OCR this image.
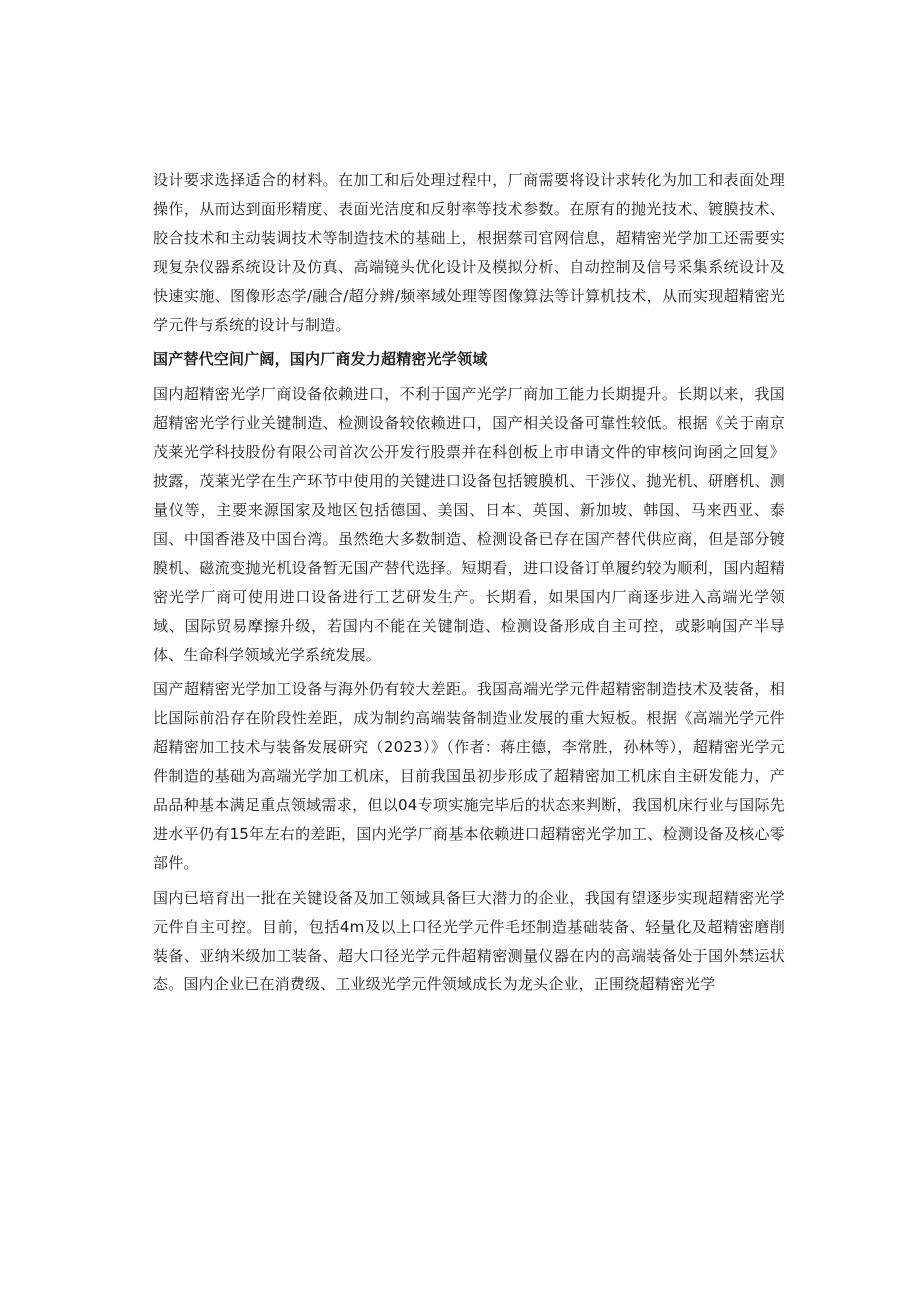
设计要求选择适合的材料。在加工和后处理过程中，厂商需要将设计求转化为加工和表面处理操作，从而达到面形精度、表面光洁度和反射率等技术参数。在原有的抛光技术、镀膜技术、胶合技术和主动装调技术等制造技术的基础上，根据蔡司官网信息，超精密光学加工还需要实现复杂仪器系统设计及仿真、高端镜头优化设计及模拟分析、自动控制及信号采集系统设计及快速实施、图像形态学/融合/超分辨/频率域处理等图像算法等计算机技术，从而实现超精密光学元件与系统的设计与制造。

国产替代空间广阔，国内厂商发力超精密光学领域

国内超精密光学厂商设备依赖进口，不利于国产光学厂商加工能力长期提升。长期以来，我国超精密光学行业关键制造、检测设备较依赖进口，国产相关设备可靠性较低。根据《关于南京茂莱光学科技股份有限公司首次公开发行股票并在科创板上市申请文件的审核问询函之回复》披露，茂莱光学在生产环节中使用的关键进口设备包括镀膜机、干涉仪、抛光机、研磨机、测量仪等，主要来源国家及地区包括德国、美国、日本、英国、新加坡、韩国、马来西亚、泰国、中国香港及中国台湾。虽然绝大多数制造、检测设备已存在国产替代供应商，但是部分镀膜机、磁流变抛光机设备暂无国产替代选择。短期看，进口设备订单履约较为顺利，国内超精密光学厂商可使用进口设备进行工艺研发生产。长期看，如果国内厂商逐步进入高端光学领域、国际贸易摩擦升级，若国内不能在关键制造、检测设备形成自主可控，或影响国产半导体、生命科学领域光学系统发展。

国产超精密光学加工设备与海外仍有较大差距。我国高端光学元件超精密制造技术及装备，相比国际前沿存在阶段性差距，成为制约高端装备制造业发展的重大短板。根据《高端光学元件超精密加工技术与装备发展研究（2023）》（作者：蒋庄德，李常胜，孙林等），超精密光学元件制造的基础为高端光学加工机床，目前我国虽初步形成了超精密加工机床自主研发能力，产品品种基本满足重点领域需求，但以04专项实施完毕后的状态来判断，我国机床行业与国际先进水平仍有15年左右的差距，国内光学厂商基本依赖进口超精密光学加工、检测设备及核心零部件。

国内已培育出一批在关键设备及加工领域具备巨大潜力的企业，我国有望逐步实现超精密光学元件自主可控。目前，包括4m及以上口径光学元件毛坯制造基础装备、轻量化及超精密磨削装备、亚纳米级加工装备、超大口径光学元件超精密测量仪器在内的高端装备处于国外禁运状态。国内企业已在消费级、工业级光学元件领域成长为龙头企业，正围绕超精密光学
